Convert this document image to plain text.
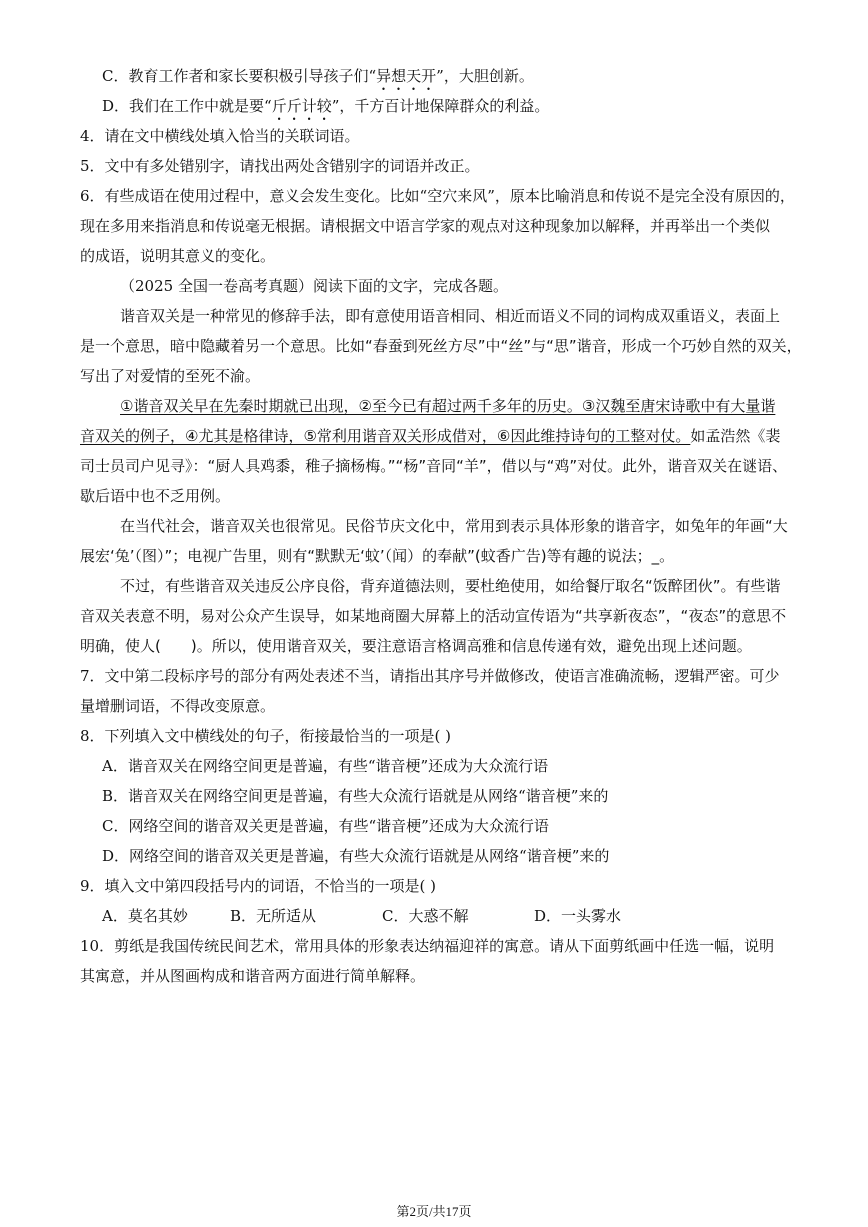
C．教育工作者和家长要积极引导孩子们“异想天开”，大胆创新。
D．我们在工作中就是要“斤斤计较”，千方百计地保障群众的利益。
4．请在文中横线处填入恰当的关联词语。
5．文中有多处错别字，请找出两处含错别字的词语并改正。
6．有些成语在使用过程中，意义会发生变化。比如“空穴来风”，原本比喻消息和传说不是完全没有原因的，
现在多用来指消息和传说毫无根据。请根据文中语言学家的观点对这种现象加以解释，并再举出一个类似
的成语，说明其意义的变化。
（2025 全国一卷高考真题）阅读下面的文字，完成各题。
谐音双关是一种常见的修辞手法，即有意使用语音相同、相近而语义不同的词构成双重语义，表面上
是一个意思，暗中隐藏着另一个意思。比如“春蚕到死丝方尽”中“丝”与“思”谐音，形成一个巧妙自然的双关，
写出了对爱情的至死不渝。
①谐音双关早在先秦时期就已出现，②至今已有超过两千多年的历史。③汉魏至唐宋诗歌中有大量谐
音双关的例子，④尤其是格律诗，⑤常利用谐音双关形成借对，⑥因此维持诗句的工整对仗。如孟浩然《裴
司士员司户见寻》：“厨人具鸡黍，稚子摘杨梅。”“杨”音同“羊”，借以与“鸡”对仗。此外，谐音双关在谜语、
歇后语中也不乏用例。
在当代社会，谐音双关也很常见。民俗节庆文化中，常用到表示具体形象的谐音字，如兔年的年画“大
展宏‘兔’（图）”；电视广告里，则有“默默无‘蚊’（闻）的奉献”(蚊香广告)等有趣的说法；_。
不过，有些谐音双关违反公序良俗，背弃道德法则，要杜绝使用，如给餐厅取名“饭醉团伙”。有些谐
音双关表意不明，易对公众产生误导，如某地商圈大屏幕上的活动宣传语为“共享新夜态”，“夜态”的意思不
明确，使人(　　)。所以，使用谐音双关，要注意语言格调高雅和信息传递有效，避免出现上述问题。
7．文中第二段标序号的部分有两处表述不当，请指出其序号并做修改，使语言准确流畅，逻辑严密。可少
量增删词语，不得改变原意。
8．下列填入文中横线处的句子，衔接最恰当的一项是( )
A．谐音双关在网络空间更是普遍，有些“谐音梗”还成为大众流行语
B．谐音双关在网络空间更是普遍，有些大众流行语就是从网络“谐音梗”来的
C．网络空间的谐音双关更是普遍，有些“谐音梗”还成为大众流行语
D．网络空间的谐音双关更是普遍，有些大众流行语就是从网络“谐音梗”来的
9．填入文中第四段括号内的词语，不恰当的一项是( )
A．莫名其妙	B．无所适从	C．大惑不解	D．一头雾水
10．剪纸是我国传统民间艺术，常用具体的形象表达纳福迎祥的寓意。请从下面剪纸画中任选一幅，说明
其寓意，并从图画构成和谐音两方面进行简单解释。
第2页/共17页
